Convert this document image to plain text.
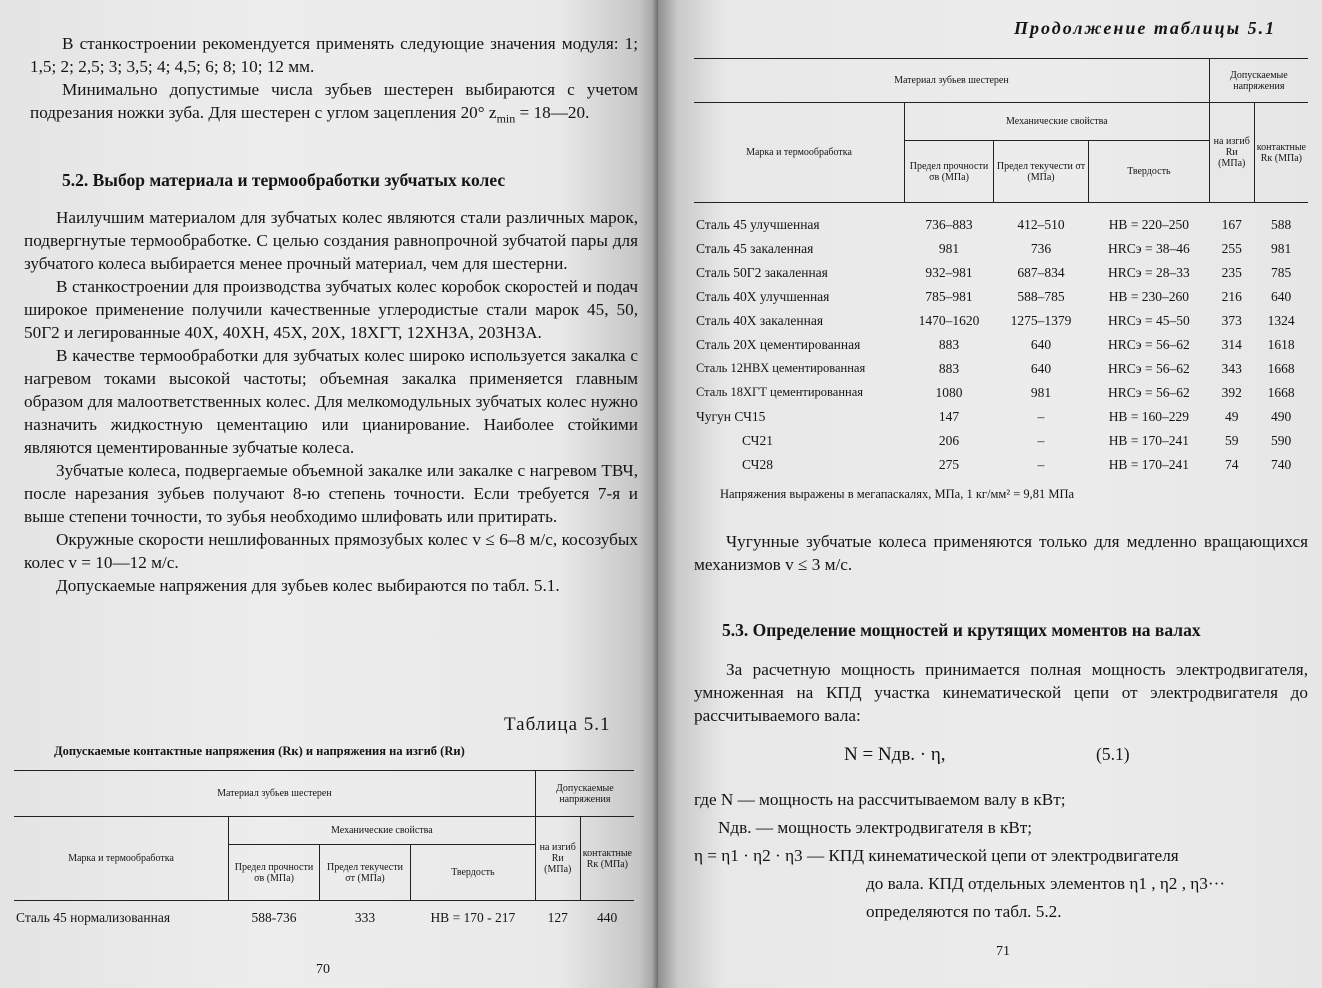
В станкостроении рекомендуется применять следующие значения модуля: 1; 1,5; 2; 2,5; 3; 3,5; 4; 4,5; 6; 8; 10; 12 мм.

Минимально допустимые числа зубьев шестерен выбираются с учетом подрезания ножки зуба. Для шестерен с углом зацепления 20° $z_{min}$ = 18—20.

5.2. Выбор материала и термообработки зубчатых колес

Наилучшим материалом для зубчатых колес являются стали различных марок, подвергнутые термообработке. С целью создания равнопрочной зубчатой пары для зубчатого колеса выбирается менее прочный материал, чем для шестерни.

В станкостроении для производства зубчатых колес коробок скоростей и подач широкое применение получили качественные углеродистые стали марок 45, 50, 50Г2 и легированные 40Х, 40ХН, 45Х, 20Х, 18ХГТ, 12ХНЗА, 20ЗНЗА.

В качестве термообработки для зубчатых колес широко используется закалка с нагревом токами высокой частоты; объемная закалка применяется главным образом для малоответственных колес. Для мелкомодульных зубчатых колес нужно назначить жидкостную цементацию или цианирование. Наиболее стойкими являются цементированные зубчатые колеса.

Зубчатые колеса, подвергаемые объемной закалке или закалке с нагревом ТВЧ, после нарезания зубьев получают 8-ю степень точности. Если требуется 7-я и выше степени точности, то зубья необходимо шлифовать или притирать.

Окружные скорости нешлифованных прямозубых колес v ≤ 6–8 м/с, косозубых колес v = 10—12 м/с.

Допускаемые напряжения для зубьев колес выбираются по табл. 5.1.

Таблица 5.1
Допускаемые контактные напряжения (Rк) и напряжения на изгиб (Rи)
Материал зубьев шестерен				Допускаемые напряжения	
Марка и термообработка	Механические свойства			на изгиб Rи (МПа)	контактные Rк (МПа)
	Предел прочности σв (МПа)	Предел текучести σт (МПа)	Твердость		
Сталь 45 нормализованная	588-736	333	НВ = 170 - 217	127	440
70
Продолжение таблицы 5.1
Материал зубьев шестерен				Допускаемые напряжения	
Марка и термообработка	Механические свойства			на изгиб Rи (МПа)	контактные Rк (МПа)
	Предел прочности σв (МПа)	Предел текучести σт (МПа)	Твердость		

Сталь 45 улучшенная	736–883	412–510	НВ = 220–250	167	588
Сталь 45 закаленная	981	736	HRCэ = 38–46	255	981
Сталь 50Г2 закаленная	932–981	687–834	HRCэ = 28–33	235	785
Сталь 40Х улучшенная	785–981	588–785	НВ = 230–260	216	640
Сталь 40Х закаленная	1470–1620	1275–1379	HRCэ = 45–50	373	1324
Сталь 20Х цементированная	883	640	HRCэ = 56–62	314	1618
Сталь 12НВХ цементированная	883	640	HRCэ = 56–62	343	1668
Сталь 18ХГТ цементированная	1080	981	HRCэ = 56–62	392	1668
Чугун СЧ15	147	–	НВ = 160–229	49	490
СЧ21	206	–	НВ = 170–241	59	590
СЧ28	275	–	НВ = 170–241	74	740
Напряжения выражены в мегапаскалях, МПа, 1 кг/мм² = 9,81 МПа

Чугунные зубчатые колеса применяются только для медленно вращающихся механизмов v ≤ 3 м/с.

5.3. Определение мощностей и крутящих моментов на валах

За расчетную мощность принимается полная мощность электродвигателя, умноженная на КПД участка кинематической цепи от электродвигателя до рассчитываемого вала:

N = Nдв. · η,	(5.1)

где N — мощность на рассчитываемом валу в кВт;

Nдв. — мощность электродвигателя в кВт;

η = η1 · η2 · η3 — КПД кинематической цепи от электродвигателя

до вала. КПД отдельных элементов η1 , η2 , η3···

определяются по табл. 5.2.

71
